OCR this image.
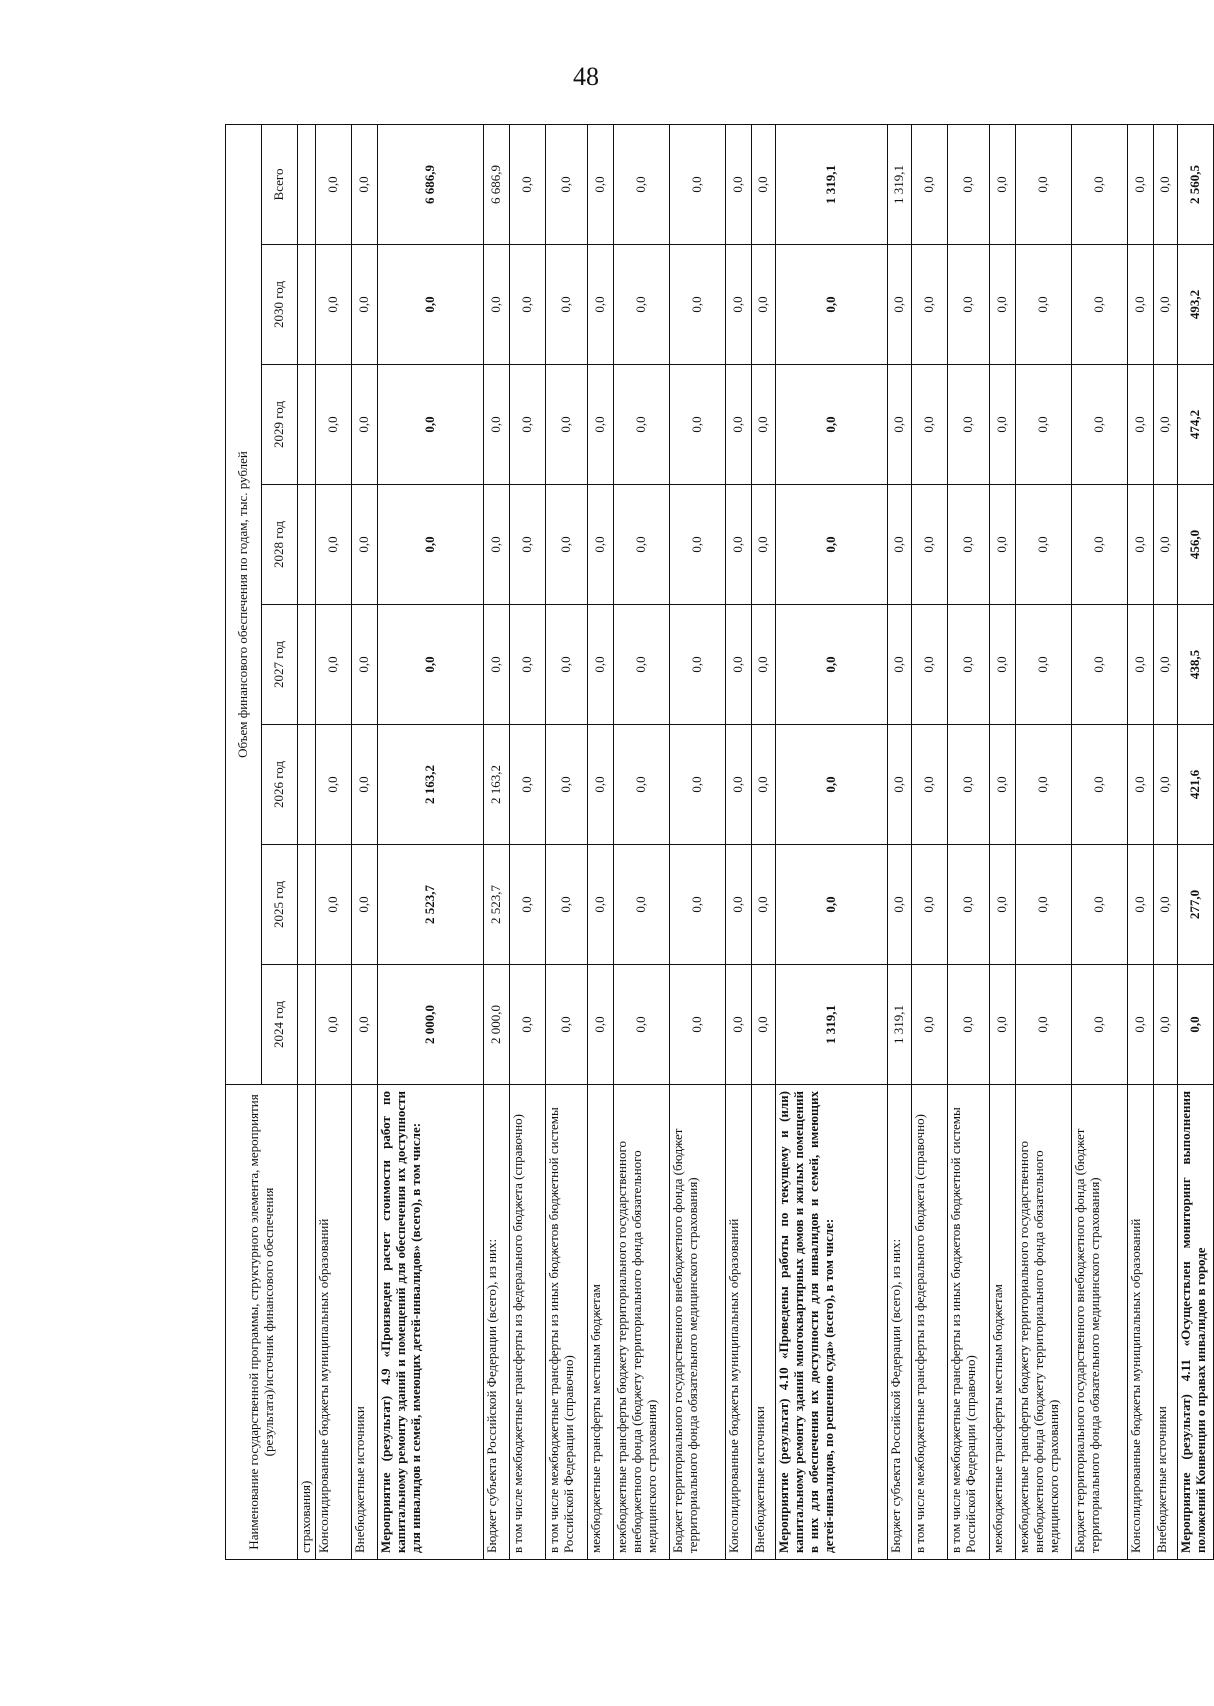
48
Наименование государственной программы, структурного элемента, мероприятия (результата)/источник финансового обеспечения	Объем финансового обеспечения по годам, тыс. рублей							
	2024 год	2025 год	2026 год	2027 год	2028 год	2029 год	2030 год	Всего
страхования)								
Консолидированные бюджеты муниципальных образований	0,0	0,0	0,0	0,0	0,0	0,0	0,0	0,0
Внебюджетные источники	0,0	0,0	0,0	0,0	0,0	0,0	0,0	0,0
Мероприятие (результат) 4.9 «Произведен расчет стоимости работ по капитальному ремонту зданий и помещений для обеспечения их доступности для инвалидов и семей, имеющих детей-инвалидов» (всего), в том числе:	2 000,0	2 523,7	2 163,2	0,0	0,0	0,0	0,0	6 686,9
Бюджет субъекта Российской Федерации (всего), из них:	2 000,0	2 523,7	2 163,2	0,0	0,0	0,0	0,0	6 686,9
в том числе межбюджетные трансферты из федерального бюджета (справочно)	0,0	0,0	0,0	0,0	0,0	0,0	0,0	0,0
в том числе межбюджетные трансферты из иных бюджетов бюджетной системы Российской Федерации (справочно)	0,0	0,0	0,0	0,0	0,0	0,0	0,0	0,0
межбюджетные трансферты местным бюджетам	0,0	0,0	0,0	0,0	0,0	0,0	0,0	0,0
межбюджетные трансферты бюджету территориального государственного внебюджетного фонда (бюджету территориального фонда обязательного медицинского страхования)	0,0	0,0	0,0	0,0	0,0	0,0	0,0	0,0
Бюджет территориального государственного внебюджетного фонда (бюджет территориального фонда обязательного медицинского страхования)	0,0	0,0	0,0	0,0	0,0	0,0	0,0	0,0
Консолидированные бюджеты муниципальных образований	0,0	0,0	0,0	0,0	0,0	0,0	0,0	0,0
Внебюджетные источники	0,0	0,0	0,0	0,0	0,0	0,0	0,0	0,0
Мероприятие (результат) 4.10 «Проведены работы по текущему и (или) капитальному ремонту зданий многоквартирных домов и жилых помещений в них для обеспечения их доступности для инвалидов и семей, имеющих детей-инвалидов, по решению суда» (всего), в том числе:	1 319,1	0,0	0,0	0,0	0,0	0,0	0,0	1 319,1
Бюджет субъекта Российской Федерации (всего), из них:	1 319,1	0,0	0,0	0,0	0,0	0,0	0,0	1 319,1
в том числе межбюджетные трансферты из федерального бюджета (справочно)	0,0	0,0	0,0	0,0	0,0	0,0	0,0	0,0
в том числе межбюджетные трансферты из иных бюджетов бюджетной системы Российской Федерации (справочно)	0,0	0,0	0,0	0,0	0,0	0,0	0,0	0,0
межбюджетные трансферты местным бюджетам	0,0	0,0	0,0	0,0	0,0	0,0	0,0	0,0
межбюджетные трансферты бюджету территориального государственного внебюджетного фонда (бюджету территориального фонда обязательного медицинского страхования)	0,0	0,0	0,0	0,0	0,0	0,0	0,0	0,0
Бюджет территориального государственного внебюджетного фонда (бюджет территориального фонда обязательного медицинского страхования)	0,0	0,0	0,0	0,0	0,0	0,0	0,0	0,0
Консолидированные бюджеты муниципальных образований	0,0	0,0	0,0	0,0	0,0	0,0	0,0	0,0
Внебюджетные источники	0,0	0,0	0,0	0,0	0,0	0,0	0,0	0,0
Мероприятие (результат) 4.11 «Осуществлен мониторинг выполнения положений Конвенции о правах инвалидов в городе	0,0	277,0	421,6	438,5	456,0	474,2	493,2	2 560,5
